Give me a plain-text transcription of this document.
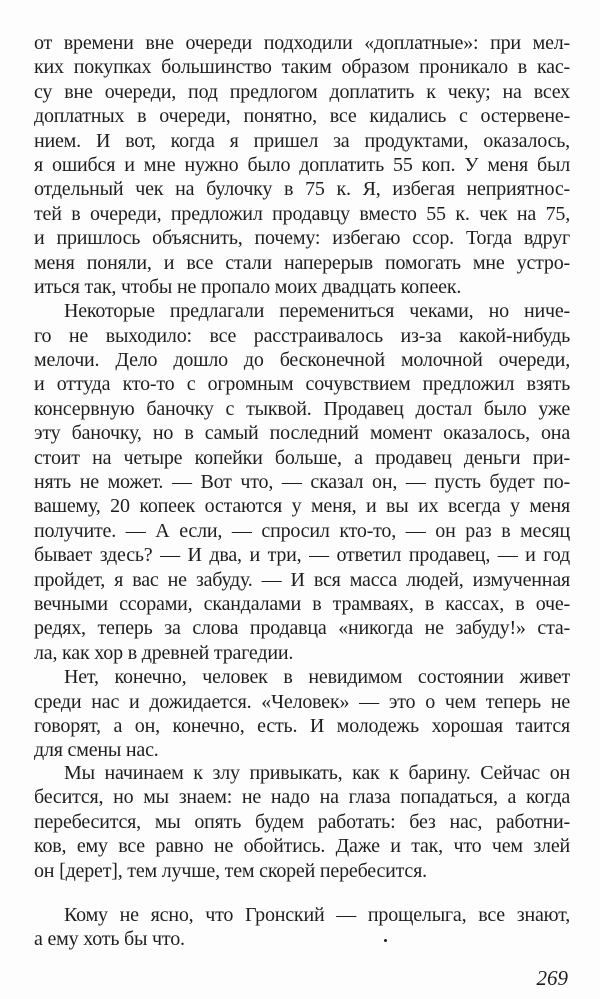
от времени вне очереди подходили «доплатные»: при мел-
ких покупках большинство таким образом проникало в кас-
су вне очереди, под предлогом доплатить к чеку; на всех
доплатных в очереди, понятно, все кидались с остервене-
нием. И вот, когда я пришел за продуктами, оказалось,
я ошибся и мне нужно было доплатить 55 коп. У меня был
отдельный чек на булочку в 75 к. Я, избегая неприятнос-
тей в очереди, предложил продавцу вместо 55 к. чек на 75,
и пришлось объяснить, почему: избегаю ссор. Тогда вдруг
меня поняли, и все стали наперерыв помогать мне устро-
иться так, чтобы не пропало моих двадцать копеек.
Некоторые предлагали перемениться чеками, но ниче-
го не выходило: все расстраивалось из-за какой-нибудь
мелочи. Дело дошло до бесконечной молочной очереди,
и оттуда кто-то с огромным сочувствием предложил взять
консервную баночку с тыквой. Продавец достал было уже
эту баночку, но в самый последний момент оказалось, она
стоит на четыре копейки больше, а продавец деньги при-
нять не может. — Вот что, — сказал он, — пусть будет по-
вашему, 20 копеек остаются у меня, и вы их всегда у меня
получите. — А если, — спросил кто-то, — он раз в месяц
бывает здесь? — И два, и три, — ответил продавец, — и год
пройдет, я вас не забуду. — И вся масса людей, измученная
вечными ссорами, скандалами в трамваях, в кассах, в оче-
редях, теперь за слова продавца «никогда не забуду!» ста-
ла, как хор в древней трагедии.
Нет, конечно, человек в невидимом состоянии живет
среди нас и дожидается. «Человек» — это о чем теперь не
говорят, а он, конечно, есть. И молодежь хорошая таится
для смены нас.
Мы начинаем к злу привыкать, как к барину. Сейчас он
бесится, но мы знаем: не надо на глаза попадаться, а когда
перебесится, мы опять будем работать: без нас, работни-
ков, ему все равно не обойтись. Даже и так, что чем злей
он [дерет], тем лучше, тем скорей перебесится.
Кому не ясно, что Гронский — прощелыга, все знают,
а ему хоть бы что.
269
